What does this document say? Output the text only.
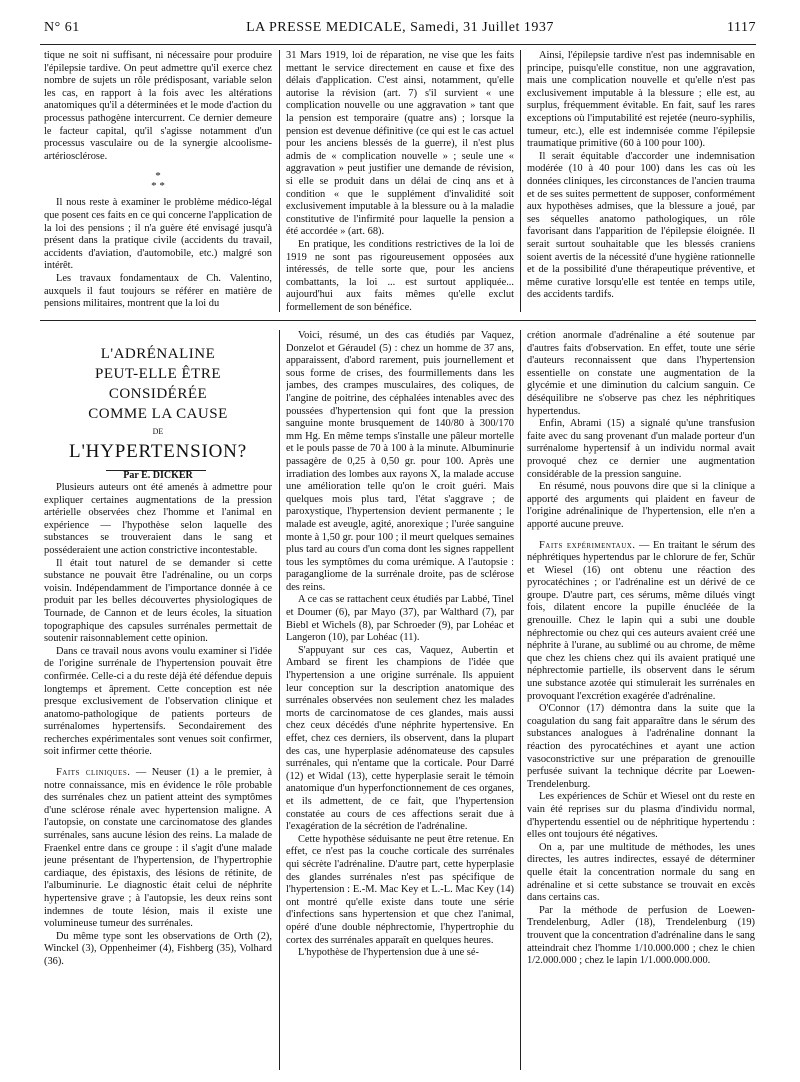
N° 61	LA PRESSE MEDICALE, Samedi, 31 Juillet 1937	1117

tique ne soit ni suffisant, ni nécessaire pour produire l'épilepsie tardive. On peut admettre qu'il exerce chez nombre de sujets un rôle prédisposant, variable selon les cas, en rapport à la fois avec les altérations anatomiques qu'il a déterminées et le mode d'action du processus pathogène intercurrent. Ce dernier demeure le facteur capital, qu'il s'agisse notamment d'un processus vasculaire ou de la synergie alcoolisme-artériosclérose.

*
* *

Il nous reste à examiner le problème médico-légal que posent ces faits en ce qui concerne l'application de la loi des pensions ; il n'a guère été envisagé jusqu'à présent dans la pratique civile (accidents du travail, accidents d'aviation, d'automobile, etc.) malgré son intérêt.

Les travaux fondamentaux de Ch. Valentino, auxquels il faut toujours se référer en matière de pensions militaires, montrent que la loi du

31 Mars 1919, loi de réparation, ne vise que les faits mettant le service directement en cause et fixe des délais d'application. C'est ainsi, notamment, qu'elle autorise la révision (art. 7) s'il survient « une complication nouvelle ou une aggravation » tant que la pension est temporaire (quatre ans) ; lorsque la pension est devenue définitive (ce qui est le cas actuel pour les anciens blessés de la guerre), il n'est plus admis de « complication nouvelle » ; seule une « aggravation » peut justifier une demande de révision, si elle se produit dans un délai de cinq ans et à condition « que le supplément d'invalidité soit exclusivement imputable à la blessure ou à la maladie constitutive de l'infirmité pour laquelle la pension a été accordée » (art. 68).

En pratique, les conditions restrictives de la loi de 1919 ne sont pas rigoureusement opposées aux intéressés, de telle sorte que, pour les anciens combattants, la loi ... est surtout appliquée... aujourd'hui aux faits mêmes qu'elle exclut formellement de son bénéfice.

Ainsi, l'épilepsie tardive n'est pas indemnisable en principe, puisqu'elle constitue, non une aggravation, mais une complication nouvelle et qu'elle n'est pas exclusivement imputable à la blessure ; elle est, au surplus, fréquemment évitable. En fait, sauf les rares exceptions où l'imputabilité est rejetée (neuro-syphilis, tumeur, etc.), elle est indemnisée comme l'épilepsie traumatique primitive (60 à 100 pour 100).

Il serait équitable d'accorder une indemnisation modérée (10 à 40 pour 100) dans les cas où les données cliniques, les circonstances de l'ancien trauma et de ses suites permettent de supposer, conformément aux hypothèses admises, que la blessure a joué, par ses séquelles anatomo pathologiques, un rôle favorisant dans l'apparition de l'épilepsie éloignée. Il serait surtout souhaitable que les blessés craniens soient avertis de la nécessité d'une hygiène rationnelle et de la possibilité d'une thérapeutique préventive, et même curative lorsqu'elle est tentée en temps utile, des accidents tardifs.

L'ADRÉNALINE
PEUT-ELLE ÊTRE CONSIDÉRÉE
COMME LA CAUSE
DE
L'HYPERTENSION?
Par E. DICKER

Plusieurs auteurs ont été amenés à admettre pour expliquer certaines augmentations de la pression artérielle observées chez l'homme et l'animal en expérience — l'hypothèse selon laquelle des substances se trouveraient dans le sang et posséderaient une action constrictive incontestable.

Il était tout naturel de se demander si cette substance ne pouvait être l'adrénaline, ou un corps voisin. Indépendamment de l'importance donnée à ce produit par les belles découvertes physiologiques de Tournade, de Cannon et de leurs écoles, la situation topographique des capsules surrénales permettait de soutenir raisonnablement cette opinion.

Dans ce travail nous avons voulu examiner si l'idée de l'origine surrénale de l'hypertension pouvait être confirmée. Celle-ci a du reste déjà été défendue depuis longtemps et âprement. Cette conception est née presque exclusivement de l'observation clinique et anatomo-pathologique de patients porteurs de surrénalomes hypertensifs. Secondairement des recherches expérimentales sont venues soit confirmer, soit infirmer cette théorie.

Faits cliniques. — Neuser (1) a le premier, à notre connaissance, mis en évidence le rôle probable des surrénales chez un patient atteint des symptômes d'une sclérose rénale avec hypertension maligne. A l'autopsie, on constate une carcinomatose des glandes surrénales, sans aucune lésion des reins. La malade de Fraenkel entre dans ce groupe : il s'agit d'une malade jeune présentant de l'hypertension, de l'hypertrophie cardiaque, des épistaxis, des lésions de rétinite, de l'albuminurie. Le diagnostic était celui de néphrite hypertensive grave ; à l'autopsie, les deux reins sont indemnes de toute lésion, mais il existe une volumineuse tumeur des surrénales.

Du même type sont les observations de Orth (2), Winckel (3), Oppenheimer (4), Fishberg (35), Volhard (36).

Voici, résumé, un des cas étudiés par Vaquez, Donzelot et Géraudel (5) : chez un homme de 37 ans, apparaissent, d'abord rarement, puis journellement et sous forme de crises, des fourmillements dans les jambes, des crampes musculaires, des coliques, de l'angine de poitrine, des céphalées intenables avec des poussées d'hypertension qui font que la pression sanguine monte brusquement de 140/80 à 300/170 mm Hg. En même temps s'installe une pâleur mortelle et le pouls passe de 70 à 100 à la minute. Albuminurie passagère de 0,25 à 0,50 gr. pour 100. Après une irradiation des lombes aux rayons X, la malade accuse une amélioration telle qu'on le croit guéri. Mais quelques mois plus tard, l'état s'aggrave ; de paroxystique, l'hypertension devient permanente ; le malade est aveugle, agité, anorexique ; l'urée sanguine monte à 1,50 gr. pour 100 ; il meurt quelques semaines plus tard au cours d'un coma dont les signes rappellent tous les symptômes du coma urémique. A l'autopsie : paragangliome de la surrénale droite, pas de sclérose des reins.

A ce cas se rattachent ceux étudiés par Labbé, Tinel et Doumer (6), par Mayo (37), par Walthard (7), par Biebl et Wichels (8), par Schroeder (9), par Lohéac et Langeron (10), par Lohéac (11).

S'appuyant sur ces cas, Vaquez, Aubertin et Ambard se firent les champions de l'idée que l'hypertension a une origine surrénale. Ils appuient leur conception sur la description anatomique des surrénales observées non seulement chez les malades morts de carcinomatose de ces glandes, mais aussi chez ceux décédés d'une néphrite hypertensive. En effet, chez ces derniers, ils observent, dans la plupart des cas, une hyperplasie adénomateuse des capsules surrénales, qui n'entame que la corticale. Pour Darré (12) et Widal (13), cette hyperplasie serait le témoin anatomique d'un hyperfonctionnement de ces organes, et ils admettent, de ce fait, que l'hypertension constatée au cours de ces affections serait due à l'exagération de la sécrétion de l'adrénaline.

Cette hypothèse séduisante ne peut être retenue. En effet, ce n'est pas la couche corticale des surrénales qui sécrète l'adrénaline. D'autre part, cette hyperplasie des glandes surrénales n'est pas spécifique de l'hypertension : E.-M. Mac Key et L.-L. Mac Key (14) ont montré qu'elle existe dans toute une série d'infections sans hypertension et que chez l'animal, opéré d'une double néphrectomie, l'hypertrophie du cortex des surrénales apparaît en quelques heures.

L'hypothèse de l'hypertension due à une sé-

crétion anormale d'adrénaline a été soutenue par d'autres faits d'observation. En effet, toute une série d'auteurs reconnaissent que dans l'hypertension essentielle on constate une augmentation de la glycémie et une diminution du calcium sanguin. Ce déséquilibre ne s'observe pas chez les néphritiques hypertendus.

Enfin, Abrami (15) a signalé qu'une transfusion faite avec du sang provenant d'un malade porteur d'un surrénalome hypertensif à un individu normal avait provoqué chez ce dernier une augmentation considérable de la pression sanguine.

En résumé, nous pouvons dire que si la clinique a apporté des arguments qui plaident en faveur de l'origine adrénalinique de l'hypertension, elle n'en a apporté aucune preuve.

Faits expérimentaux. — En traitant le sérum des néphrétiques hypertendus par le chlorure de fer, Schür et Wiesel (16) ont obtenu une réaction des pyrocatéchines ; or l'adrénaline est un dérivé de ce groupe. D'autre part, ces sérums, même dilués vingt fois, dilatent encore la pupille énucléée de la grenouille. Chez le lapin qui a subi une double néphrectomie ou chez qui ces auteurs avaient créé une néphrite à l'urane, au sublimé ou au chrome, de même que chez les chiens chez qui ils avaient pratiqué une néphrectomie partielle, ils observent dans le sérum une substance azotée qui stimulerait les surrénales en provoquant l'excrétion exagérée d'adrénaline.

O'Connor (17) démontra dans la suite que la coagulation du sang fait apparaître dans le sérum des substances analogues à l'adrénaline donnant la réaction des pyrocatéchines et ayant une action vasoconstrictive sur une préparation de grenouille perfusée suivant la technique décrite par Loewen-Trendelenburg.

Les expériences de Schür et Wiesel ont du reste en vain été reprises sur du plasma d'individu normal, d'hypertendu essentiel ou de néphritique hypertendu : elles ont toujours été négatives.

On a, par une multitude de méthodes, les unes directes, les autres indirectes, essayé de déterminer quelle était la concentration normale du sang en adrénaline et si cette substance se trouvait en excès dans certains cas.

Par la méthode de perfusion de Loewen-Trendelenburg, Adler (18), Trendelenburg (19) trouvent que la concentration d'adrénaline dans le sang atteindrait chez l'homme 1/10.000.000 ; chez le chien 1/2.000.000 ; chez le lapin 1/1.000.000.000.
